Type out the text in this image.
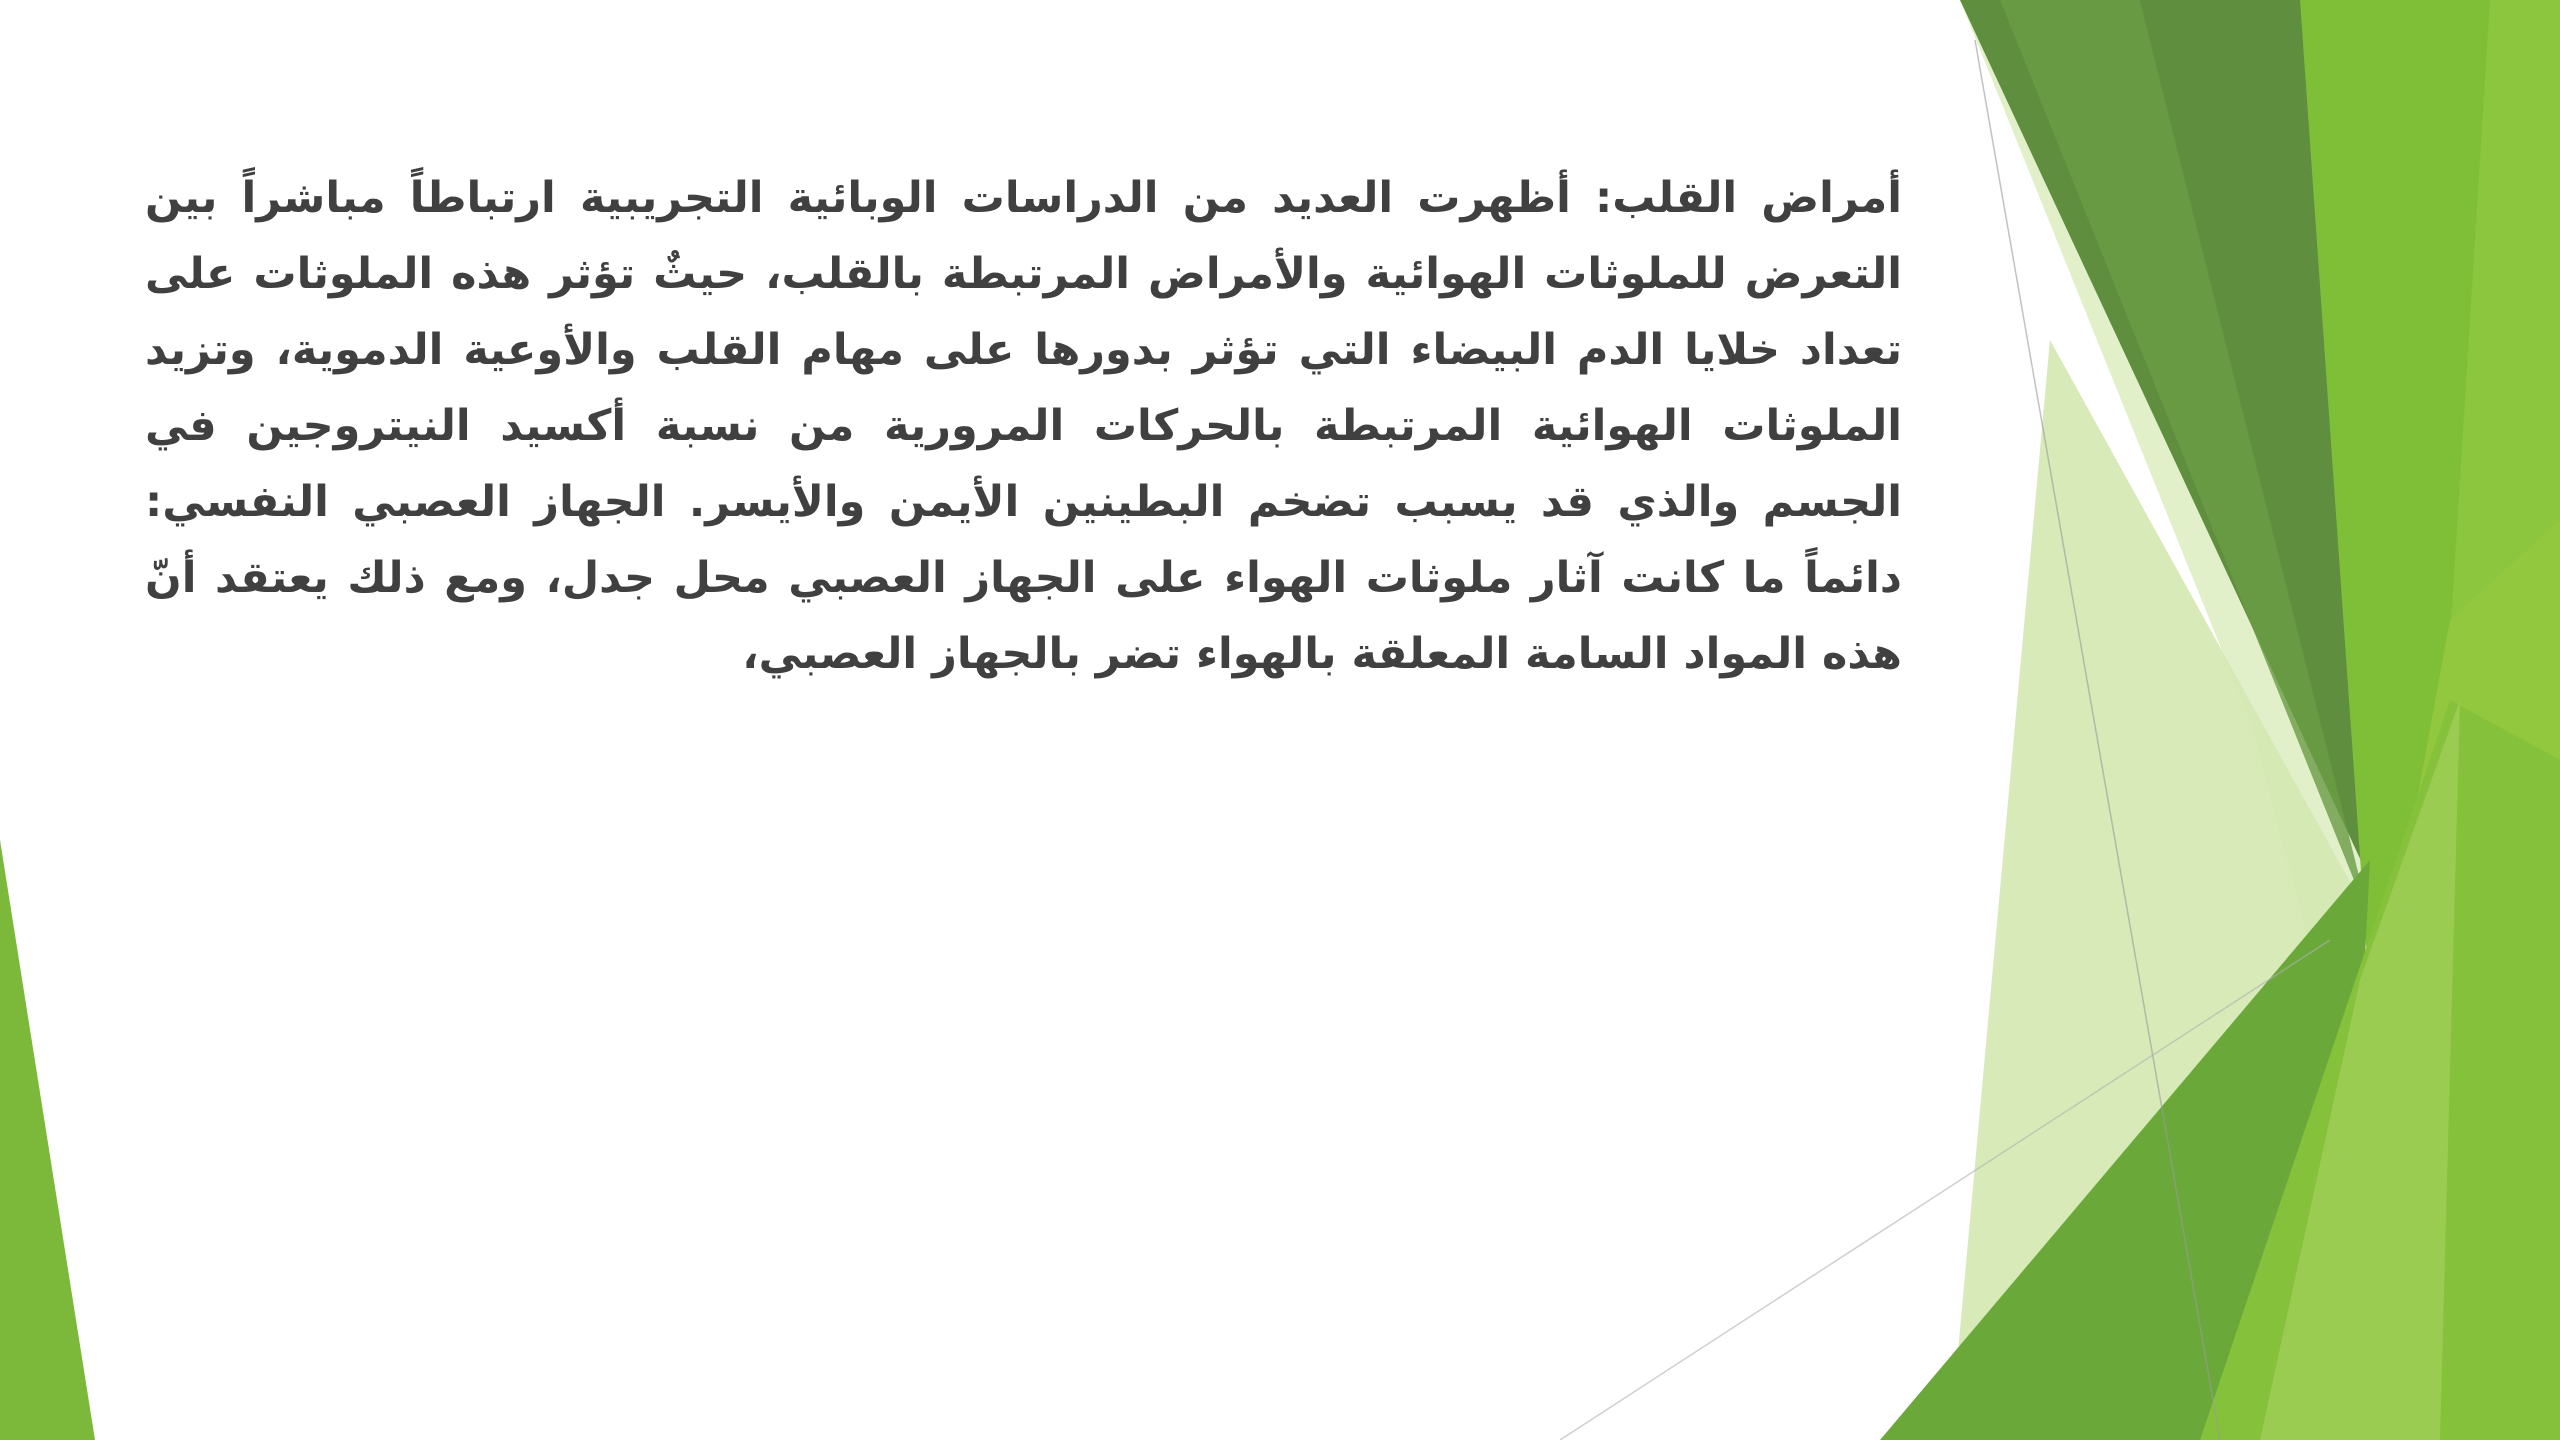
أمراض القلب: أظهرت العديد من الدراسات الوبائية التجريبية ارتباطاً مباشراً بين التعرض للملوثات الهوائية والأمراض المرتبطة بالقلب، حيثٌ تؤثر هذه الملوثات على تعداد خلايا الدم البيضاء التي تؤثر بدورها على مهام القلب والأوعية الدموية، وتزيد الملوثات الهوائية المرتبطة بالحركات المرورية من نسبة أكسيد النيتروجين في الجسم والذي قد يسبب تضخم البطينين الأيمن والأيسر. الجهاز العصبي النفسي: دائماً ما كانت آثار ملوثات الهواء على الجهاز العصبي محل جدل، ومع ذلك يعتقد أنّ هذه المواد السامة المعلقة بالهواء تضر بالجهاز العصبي،
